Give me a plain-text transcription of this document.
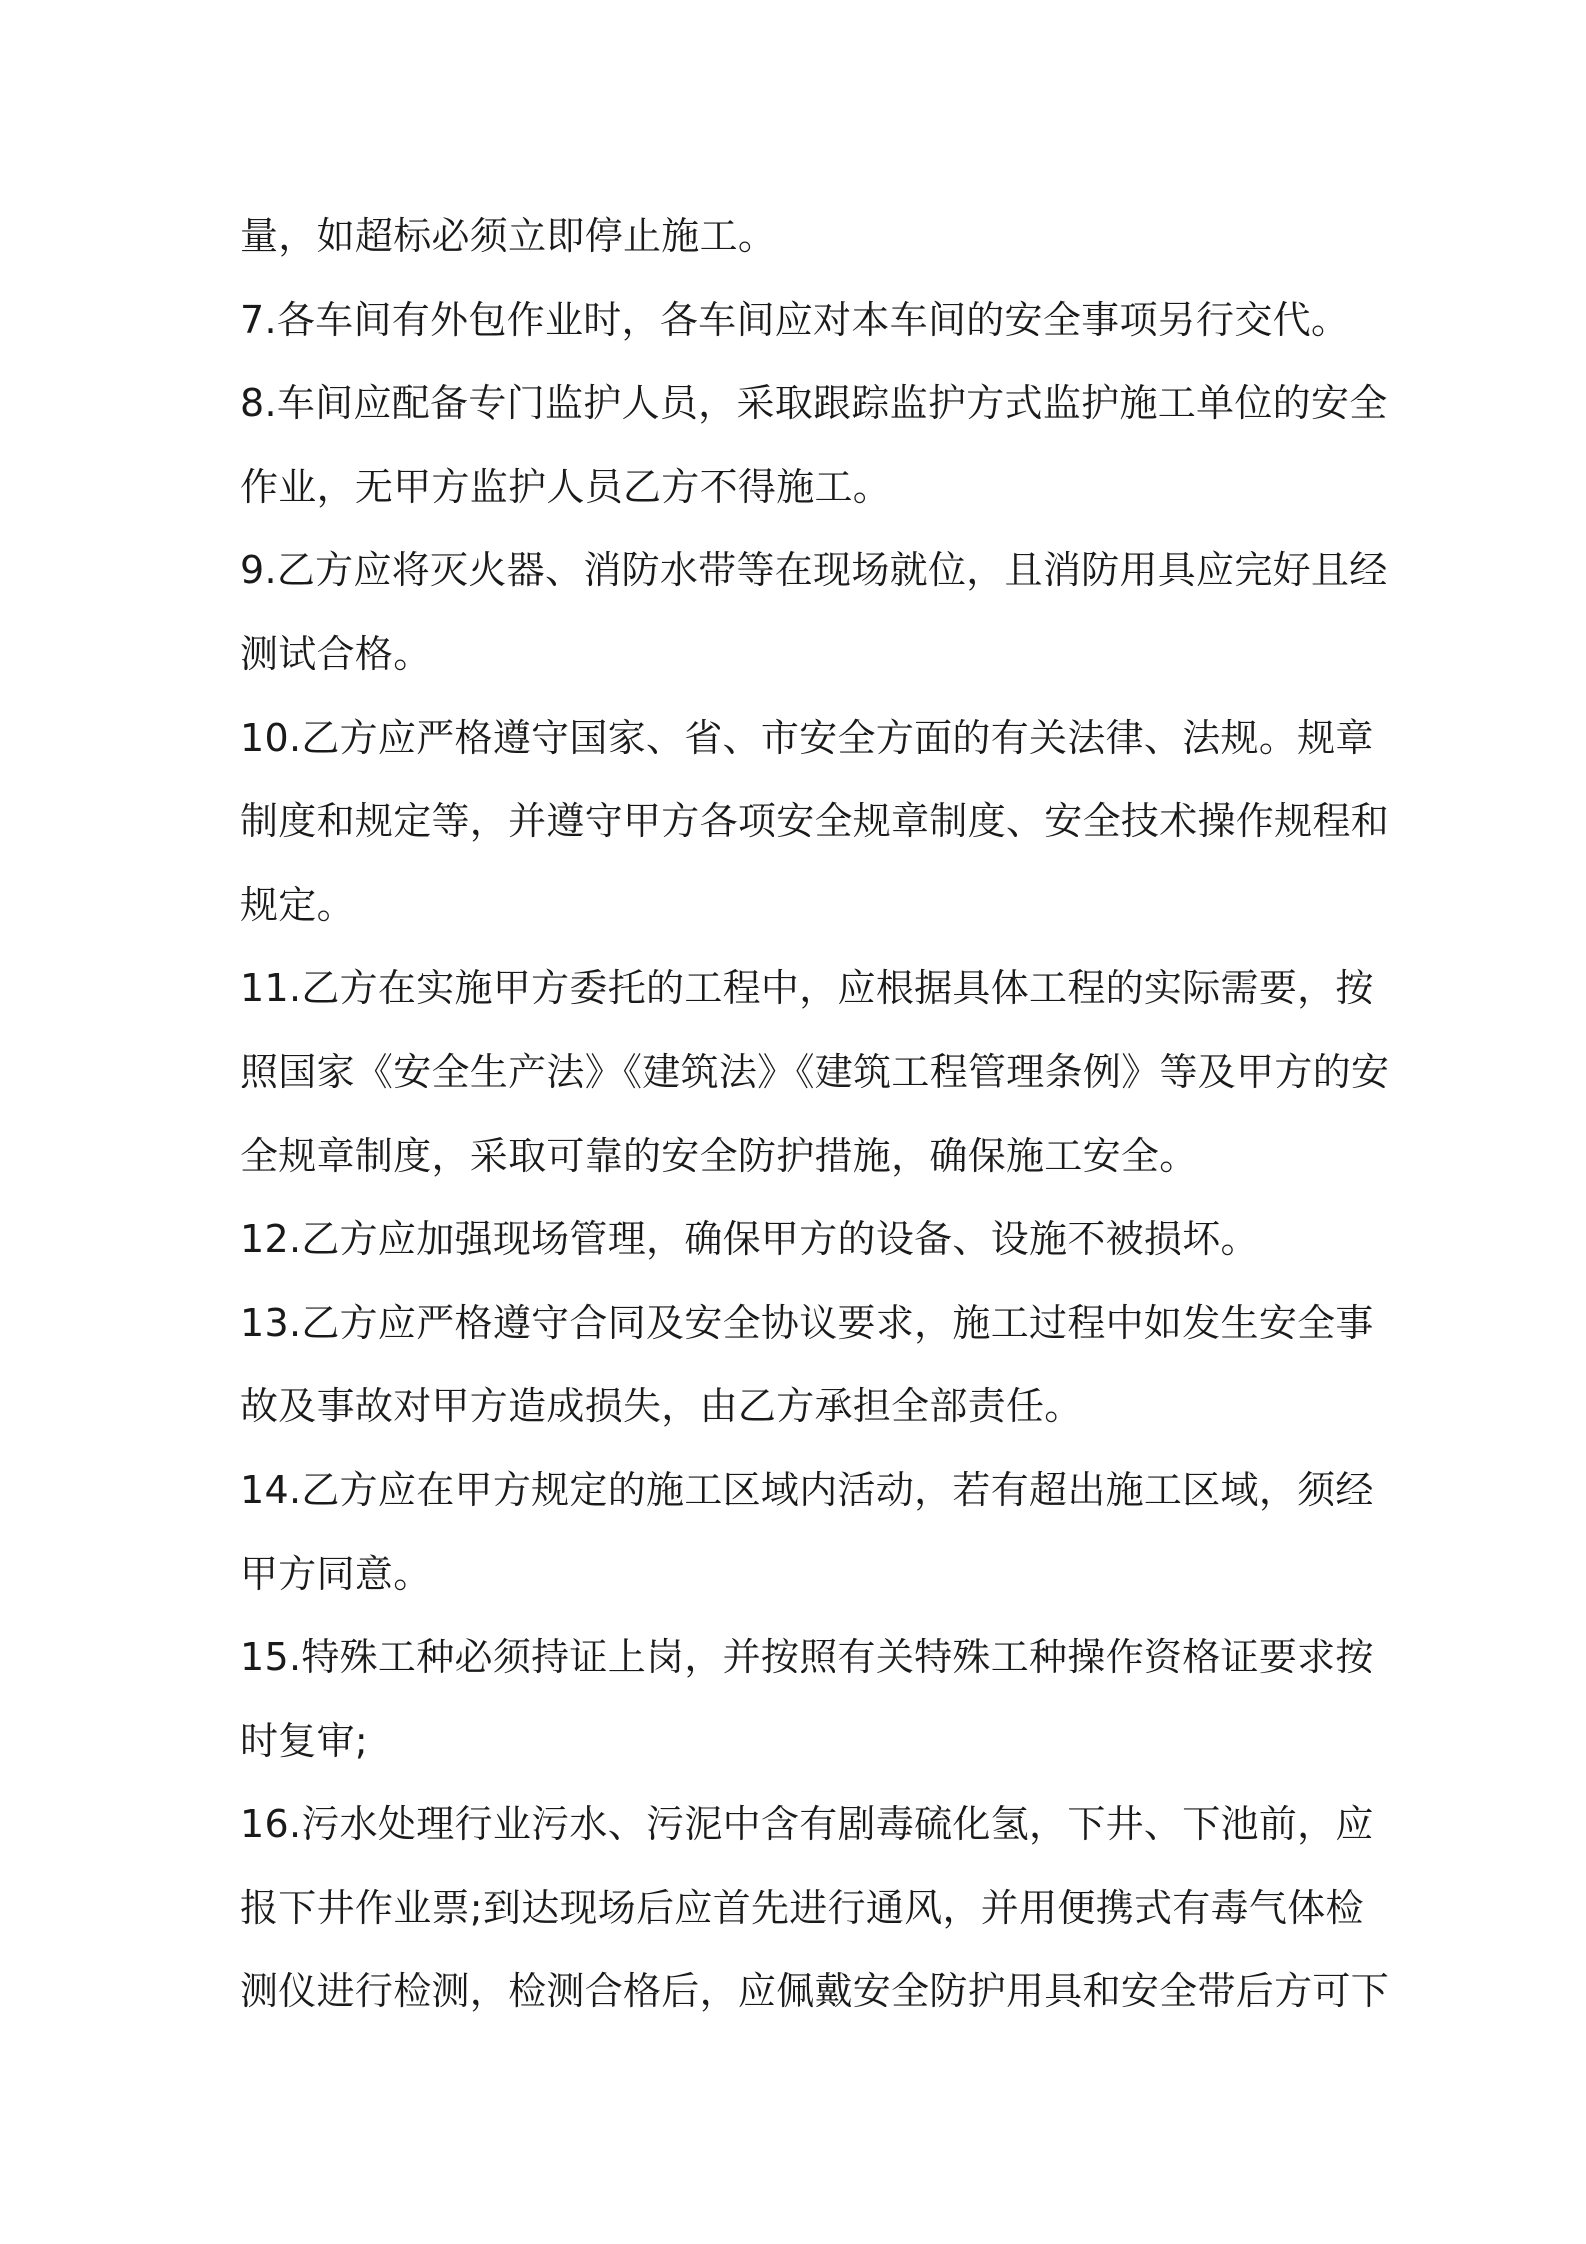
量，如超标必须立即停止施工。
7.各车间有外包作业时，各车间应对本车间的安全事项另行交代。
8.车间应配备专门监护人员，采取跟踪监护方式监护施工单位的安全
作业，无甲方监护人员乙方不得施工。
9.乙方应将灭火器、消防水带等在现场就位，且消防用具应完好且经
测试合格。
10.乙方应严格遵守国家、省、市安全方面的有关法律、法规。规章
制度和规定等，并遵守甲方各项安全规章制度、安全技术操作规程和
规定。
11.乙方在实施甲方委托的工程中，应根据具体工程的实际需要，按
照国家《安全生产法》《建筑法》《建筑工程管理条例》等及甲方的安
全规章制度，采取可靠的安全防护措施，确保施工安全。
12.乙方应加强现场管理，确保甲方的设备、设施不被损坏。
13.乙方应严格遵守合同及安全协议要求，施工过程中如发生安全事
故及事故对甲方造成损失，由乙方承担全部责任。
14.乙方应在甲方规定的施工区域内活动，若有超出施工区域，须经
甲方同意。
15.特殊工种必须持证上岗，并按照有关特殊工种操作资格证要求按
时复审;
16.污水处理行业污水、污泥中含有剧毒硫化氢，下井、下池前，应
报下井作业票;到达现场后应首先进行通风，并用便携式有毒气体检
测仪进行检测，检测合格后，应佩戴安全防护用具和安全带后方可下
